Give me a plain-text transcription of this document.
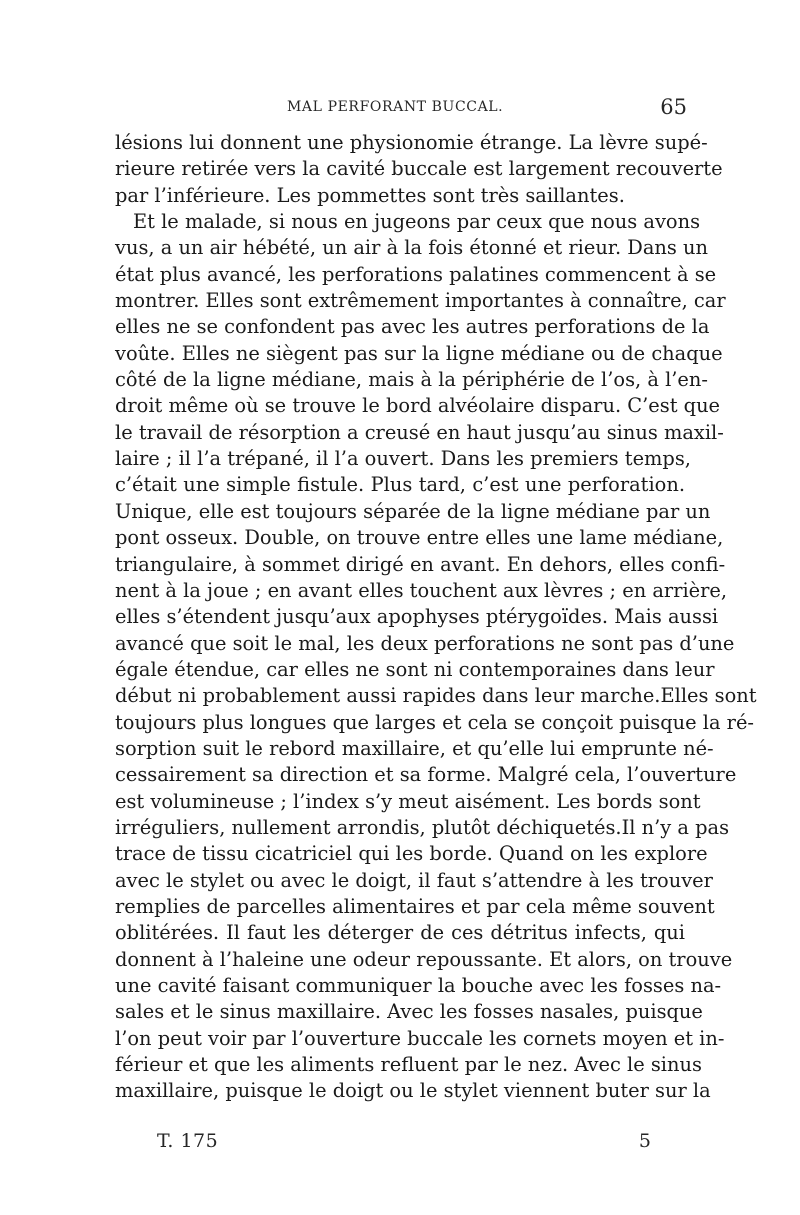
MAL PERFORANT BUCCAL.	65
lésions lui donnent une physionomie étrange. La lèvre supé-
rieure retirée vers la cavité buccale est largement recouverte
par l’inférieure. Les pommettes sont très saillantes.
Et le malade, si nous en jugeons par ceux que nous avons
vus, a un air hébété, un air à la fois étonné et rieur. Dans un
état plus avancé, les perforations palatines commencent à se
montrer. Elles sont extrêmement importantes à connaître, car
elles ne se confondent pas avec les autres perforations de la
voûte. Elles ne siègent pas sur la ligne médiane ou de chaque
côté de la ligne médiane, mais à la périphérie de l’os, à l’en-
droit même où se trouve le bord alvéolaire disparu. C’est que
le travail de résorption a creusé en haut jusqu’au sinus maxil-
laire ; il l’a trépané, il l’a ouvert. Dans les premiers temps,
c’était une simple fistule. Plus tard, c’est une perforation.
Unique, elle est toujours séparée de la ligne médiane par un
pont osseux. Double, on trouve entre elles une lame médiane,
triangulaire, à sommet dirigé en avant. En dehors, elles confi-
nent à la joue ; en avant elles touchent aux lèvres ; en arrière,
elles s’étendent jusqu’aux apophyses ptérygoïdes. Mais aussi
avancé que soit le mal, les deux perforations ne sont pas d’une
égale étendue, car elles ne sont ni contemporaines dans leur
début ni probablement aussi rapides dans leur marche.Elles sont
toujours plus longues que larges et cela se conçoit puisque la ré-
sorption suit le rebord maxillaire, et qu’elle lui emprunte né-
cessairement sa direction et sa forme. Malgré cela, l’ouverture
est volumineuse ; l’index s’y meut aisément. Les bords sont
irréguliers, nullement arrondis, plutôt déchiquetés.Il n’y a pas
trace de tissu cicatriciel qui les borde. Quand on les explore
avec le stylet ou avec le doigt, il faut s’attendre à les trouver
remplies de parcelles alimentaires et par cela même souvent
oblitérées. Il faut les déterger de ces détritus infects, qui
donnent à l’haleine une odeur repoussante. Et alors, on trouve
une cavité faisant communiquer la bouche avec les fosses na-
sales et le sinus maxillaire. Avec les fosses nasales, puisque
l’on peut voir par l’ouverture buccale les cornets moyen et in-
férieur et que les aliments refluent par le nez. Avec le sinus
maxillaire, puisque le doigt ou le stylet viennent buter sur la
T. 175	5
